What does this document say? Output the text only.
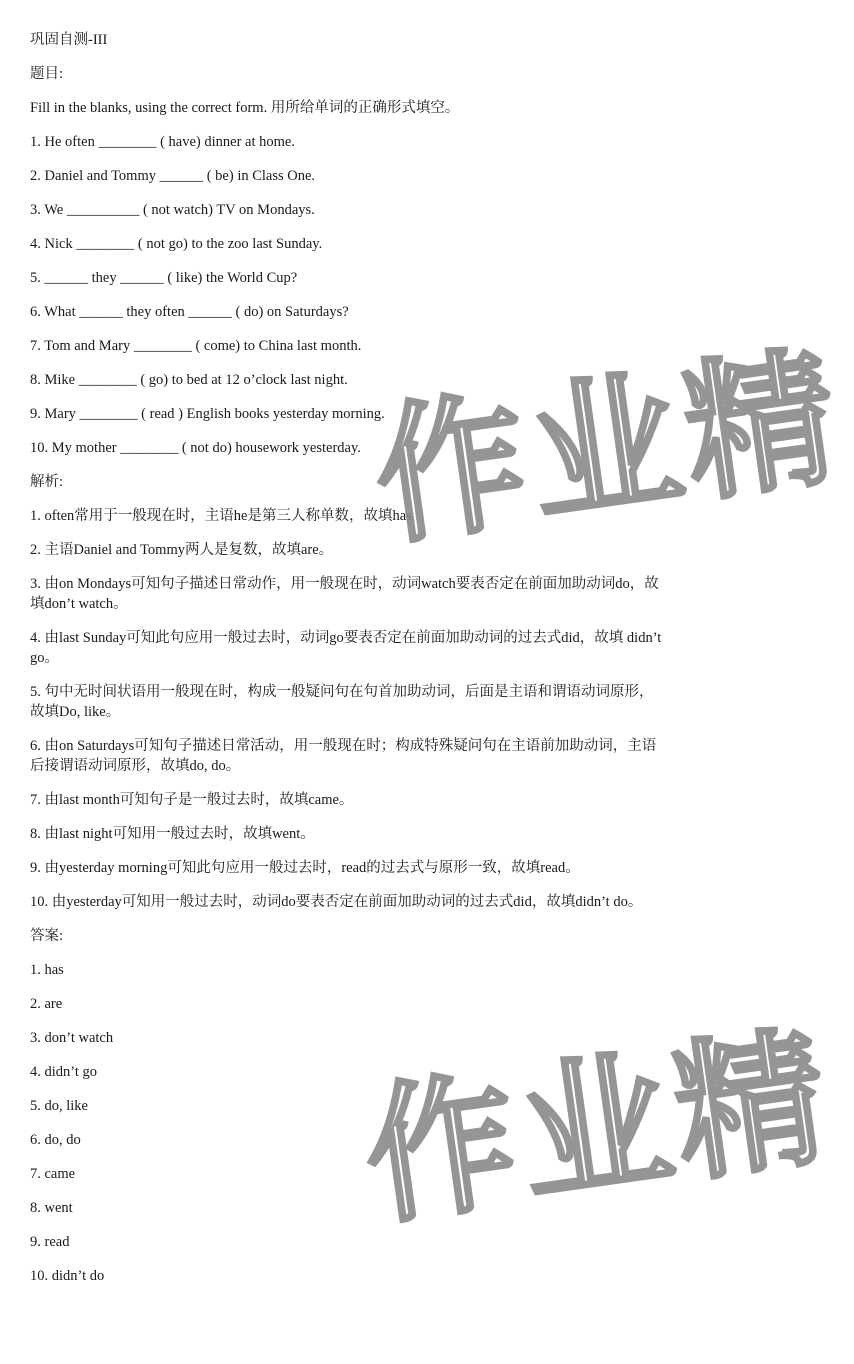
巩固自测-III

题目:

Fill in the blanks, using the correct form. 用所给单词的正确形式填空。

1. He often ________ ( have) dinner at home.

2. Daniel and Tommy ______ ( be) in Class One.

3. We __________ ( not watch) TV on Mondays.

4. Nick ________ ( not go) to the zoo last Sunday.

5. ______ they ______ ( like) the World Cup?

6. What ______ they often ______ ( do) on Saturdays?

7. Tom and Mary ________ ( come) to China last month.

8. Mike ________ ( go) to bed at 12 o’clock last night.

9. Mary ________ ( read ) English books yesterday morning.

10. My mother ________ ( not do) housework yesterday.

解析:

1. often常用于一般现在时，主语he是第三人称单数，故填has。

2. 主语Daniel and Tommy两人是复数，故填are。

3. 由on Mondays可知句子描述日常动作，用一般现在时，动词watch要表否定在前面加助动词do，故填don’t watch。

4. 由last Sunday可知此句应用一般过去时，动词go要表否定在前面加助动词的过去式did，故填 didn’t go。

5. 句中无时间状语用一般现在时，构成一般疑问句在句首加助动词，后面是主语和谓语动词原形，故填Do, like。

6. 由on Saturdays可知句子描述日常活动，用一般现在时；构成特殊疑问句在主语前加助动词，主语后接谓语动词原形，故填do, do。

7. 由last month可知句子是一般过去时，故填came。

8. 由last night可知用一般过去时，故填went。

9. 由yesterday morning可知此句应用一般过去时，read的过去式与原形一致，故填read。

10. 由yesterday可知用一般过去时，动词do要表否定在前面加助动词的过去式did，故填didn’t do。

答案:

1. has

2. are

3. don’t watch

4. didn’t go

5. do, like

6. do, do

7. came

8. went

9. read

10. didn’t do

作业精
作业精
